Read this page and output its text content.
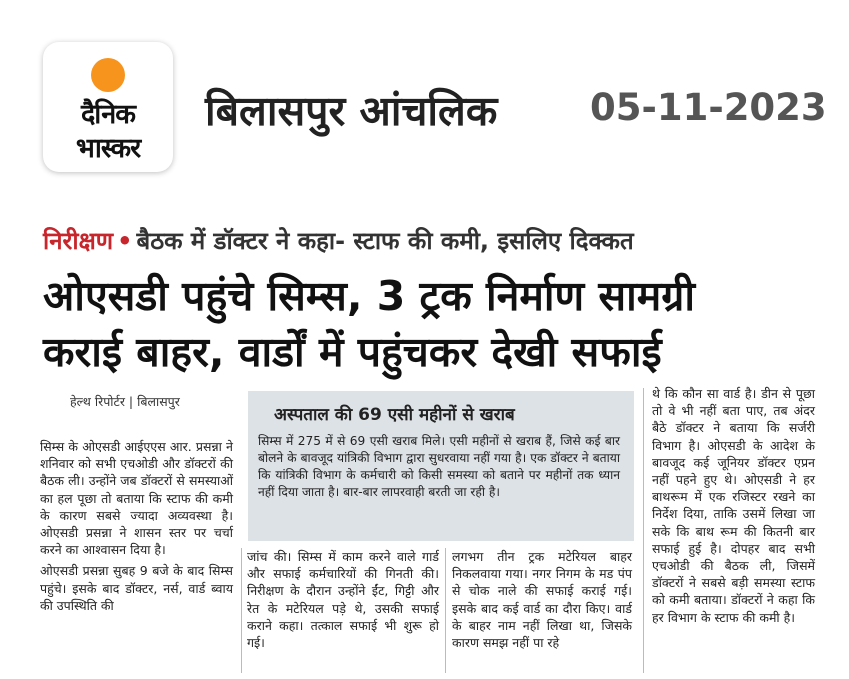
दैनिक
भास्कर
बिलासपुर आंचलिक	05-11-2023
निरीक्षण • बैठक में डॉक्टर ने कहा- स्टाफ की कमी, इसलिए दिक्कत
ओएसडी पहुंचे सिम्स, 3 ट्रक निर्माण सामग्री
कराई बाहर, वार्डों में पहुंचकर देखी सफाई
हेल्थ रिपोर्टर | बिलासपुर

सिम्स के ओएसडी आईएएस आर. प्रसन्ना ने शनिवार को सभी एचओडी और डॉक्टरों की बैठक ली। उन्होंने जब डॉक्टरों से समस्याओं का हल पूछा तो बताया कि स्टाफ की कमी के कारण सबसे ज्यादा अव्यवस्था है। ओएसडी प्रसन्ना ने शासन स्तर पर चर्चा करने का आश्वासन दिया है।

ओएसडी प्रसन्ना सुबह 9 बजे के बाद सिम्स पहुंचे। इसके बाद डॉक्टर, नर्स, वार्ड ब्वाय की उपस्थिति की

अस्पताल की 69 एसी महीनों से खराब
सिम्स में 275 में से 69 एसी खराब मिले। एसी महीनों से खराब हैं, जिसे कई बार बोलने के बावजूद यांत्रिकी विभाग द्वारा सुधरवाया नहीं गया है। एक डॉक्टर ने बताया कि यांत्रिकी विभाग के कर्मचारी को किसी समस्या को बताने पर महीनों तक ध्यान नहीं दिया जाता है। बार-बार लापरवाही बरती जा रही है।
जांच की। सिम्स में काम करने वाले गार्ड और सफाई कर्मचारियों की गिनती की। निरीक्षण के दौरान उन्होंने ईंट, गिट्टी और रेत के मटेरियल पड़े थे, उसकी सफाई कराने कहा। तत्काल सफाई भी शुरू हो गई।
लगभग तीन ट्रक मटेरियल बाहर निकलवाया गया। नगर निगम के मड पंप से चोक नाले की सफाई कराई गई। इसके बाद कई वार्ड का दौरा किए। वार्ड के बाहर नाम नहीं लिखा था, जिसके कारण समझ नहीं पा रहे
थे कि कौन सा वार्ड है। डीन से पूछा तो वे भी नहीं बता पाए, तब अंदर बैठे डॉक्टर ने बताया कि सर्जरी विभाग है। ओएसडी के आदेश के बावजूद कई जूनियर डॉक्टर एप्रन नहीं पहने हुए थे। ओएसडी ने हर बाथरूम में एक रजिस्टर रखने का निर्देश दिया, ताकि उसमें लिखा जा सके कि बाथ रूम की कितनी बार सफाई हुई है। दोपहर बाद सभी एचओडी की बैठक ली, जिसमें डॉक्टरों ने सबसे बड़ी समस्या स्टाफ को कमी बताया। डॉक्टरों ने कहा कि हर विभाग के स्टाफ की कमी है।
